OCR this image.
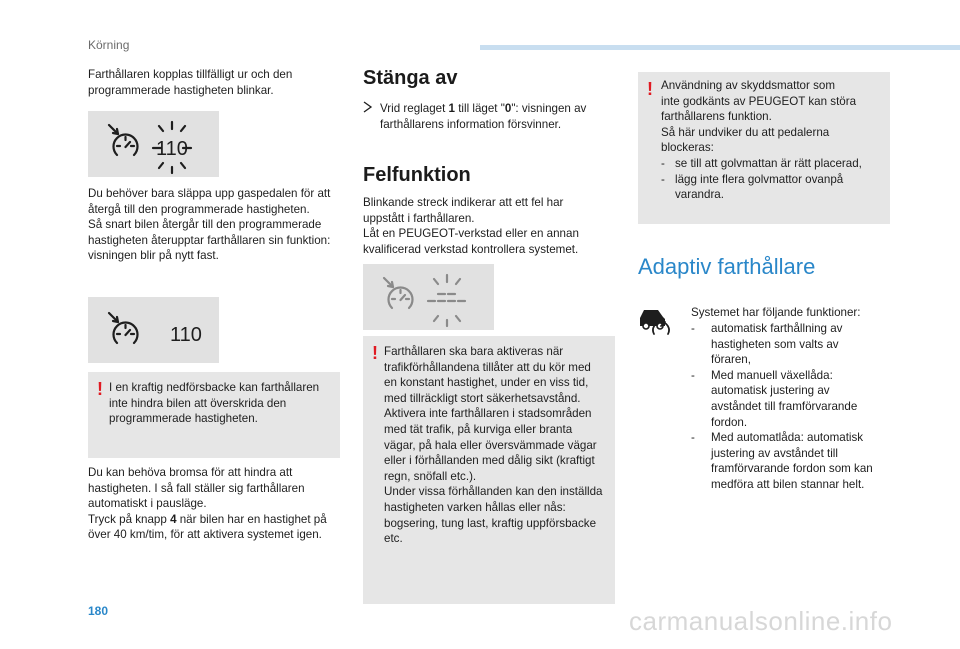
Körning
Farthållaren kopplas tillfälligt ur och den
programmerade hastigheten blinkar.
110
Du behöver bara släppa upp gaspedalen för att
återgå till den programmerade hastigheten.
Så snart bilen återgår till den programmerade
hastigheten återupptar farthållaren sin funktion:
visningen blir på nytt fast.
110
! I en kraftig nedförsbacke kan farthållaren
inte hindra bilen att överskrida den
programmerade hastigheten.
Du kan behöva bromsa för att hindra att
hastigheten. I så fall ställer sig farthållaren
automatiskt i pausläge.
Tryck på knapp 4 när bilen har en hastighet på
över 40 km/tim, för att aktivera systemet igen.
Stänga av
Vrid reglaget 1 till läget "0": visningen av
farthållarens information försvinner.
Felfunktion
Blinkande streck indikerar att ett fel har
uppstått i farthållaren.
Låt en PEUGEOT-verkstad eller en annan
kvalificerad verkstad kontrollera systemet.
! Farthållaren ska bara aktiveras när
trafikförhållandena tillåter att du kör med
en konstant hastighet, under en viss tid,
med tillräckligt stort säkerhetsavstånd.
Aktivera inte farthållaren i stadsområden
med tät trafik, på kurviga eller branta
vägar, på hala eller översvämmade vägar
eller i förhållanden med dålig sikt (kraftigt
regn, snöfall etc.).
Under vissa förhållanden kan den inställda
hastigheten varken hållas eller nås:
bogsering, tung last, kraftig uppförsbacke
etc.
! Användning av skyddsmattor som
inte godkänts av PEUGEOT kan störa
farthållarens funktion.
Så här undviker du att pedalerna
blockeras:
- se till att golvmattan är rätt placerad,
- lägg inte flera golvmattor ovanpå
varandra.
Adaptiv farthållare
Systemet har följande funktioner:
-	automatisk farthållning av
hastigheten som valts av
föraren,
-	Med manuell växellåda:
automatisk justering av
avståndet till framförvarande
fordon.
-	Med automatlåda: automatisk
justering av avståndet till
framförvarande fordon som kan
medföra att bilen stannar helt.
180	carmanualsonline.info
